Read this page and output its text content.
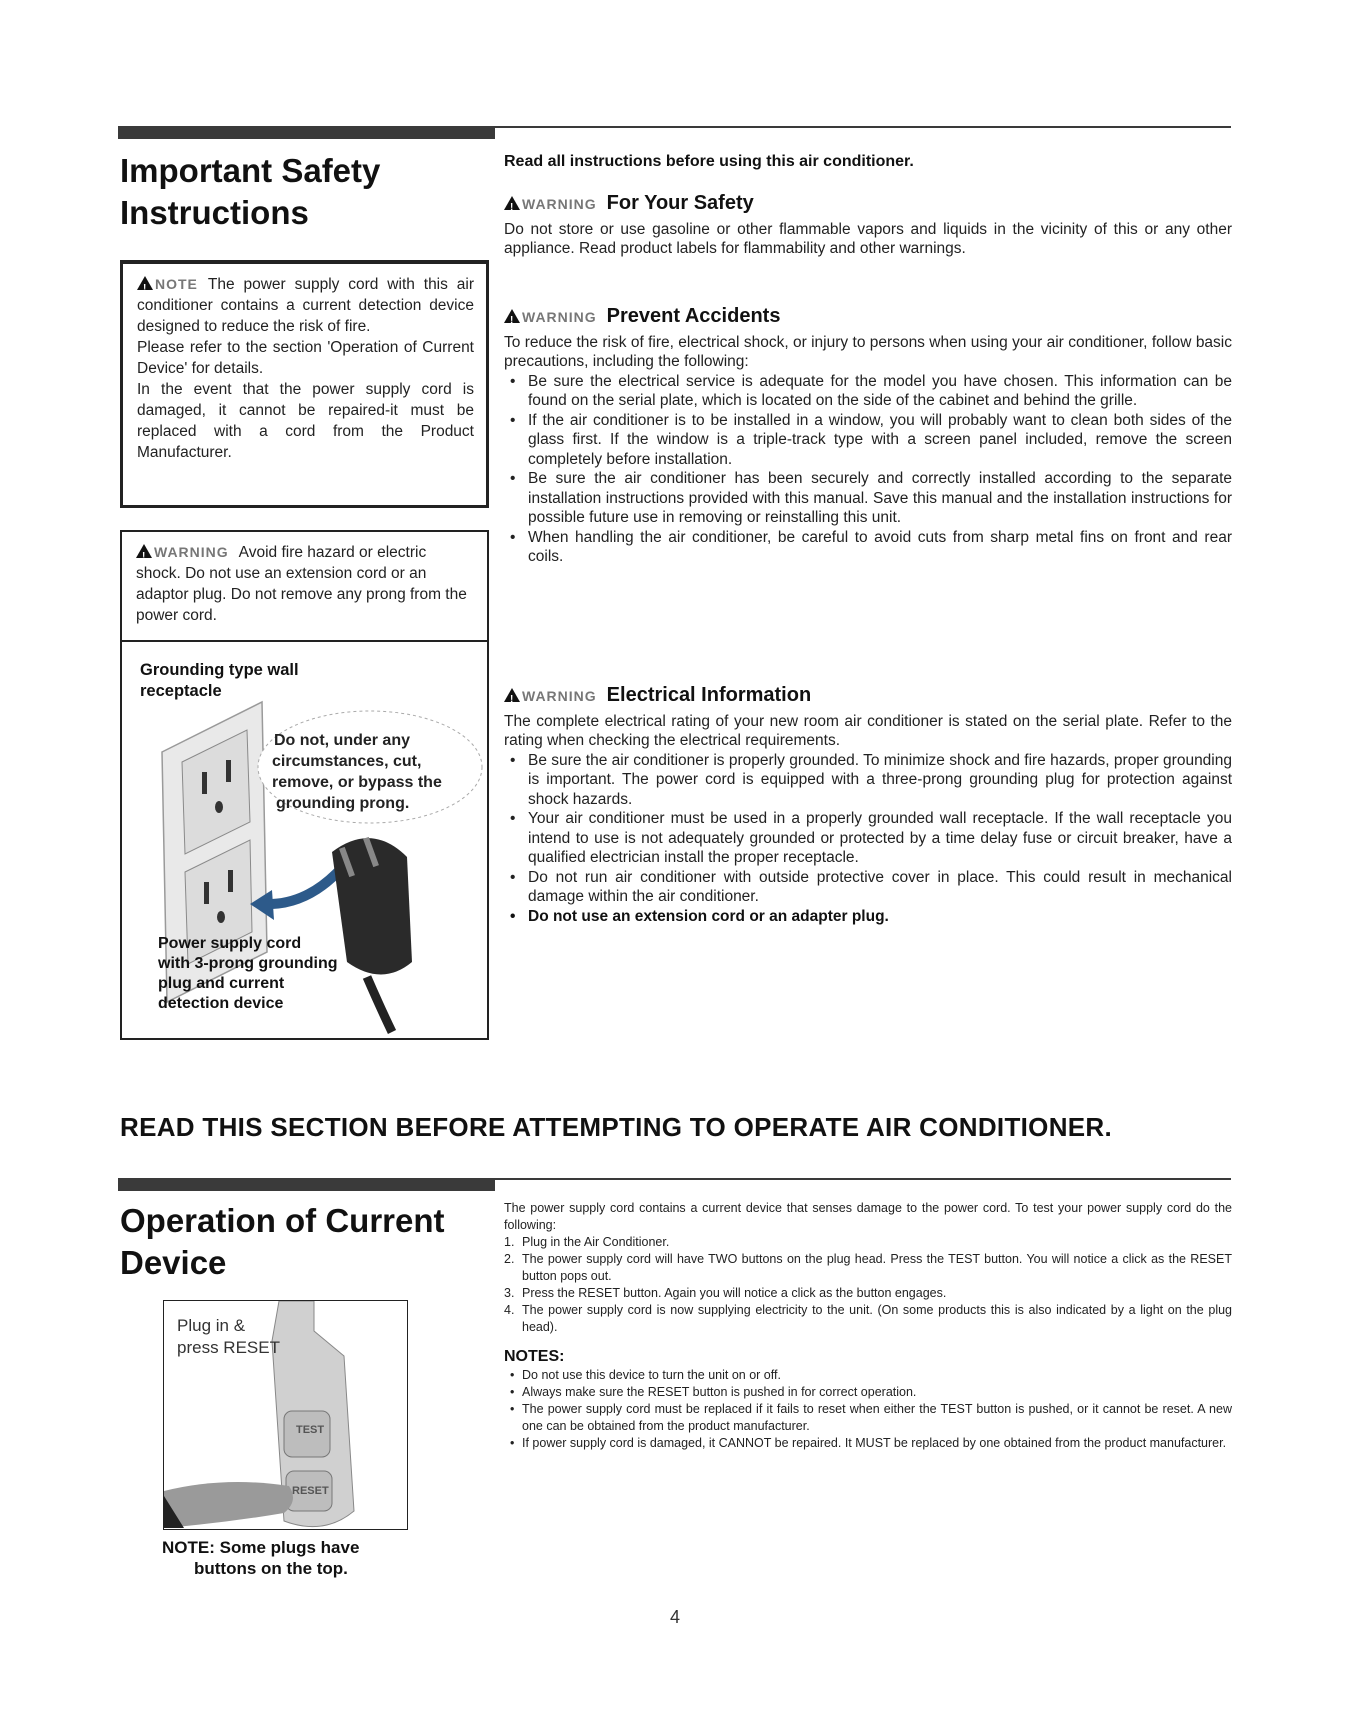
Important Safety
Instructions
!NOTE The power supply cord with this air conditioner contains a current detection device designed to reduce the risk of fire.
Please refer to the section 'Operation of Current Device' for details.
In the event that the power supply cord is damaged, it cannot be repaired-it must be replaced with a cord from the Product Manufacturer.
!WARNING Avoid fire hazard or electric shock. Do not use an extension cord or an adaptor plug. Do not remove any prong from the power cord.
Grounding type wall
receptacle
Do not, under any
circumstances, cut,
remove, or bypass the
grounding prong.
Power supply cord
with 3-prong grounding
plug and current
detection device
Read all instructions before using this air conditioner.
!WARNING For Your Safety
Do not store or use gasoline or other flammable vapors and liquids in the vicinity of this or any other appliance. Read product labels for flammability and other warnings.
!WARNING Prevent Accidents
To reduce the risk of fire, electrical shock, or injury to persons when using your air conditioner, follow basic precautions, including the following:
• Be sure the electrical service is adequate for the model you have chosen. This information can be found on the serial plate, which is located on the side of the cabinet and behind the grille.
• If the air conditioner is to be installed in a window, you will probably want to clean both sides of the glass first. If the window is a triple-track type with a screen panel included, remove the screen completely before installation.
• Be sure the air conditioner has been securely and correctly installed according to the separate installation instructions provided with this manual. Save this manual and the installation instructions for possible future use in removing or reinstalling this unit.
• When handling the air conditioner, be careful to avoid cuts from sharp metal fins on front and rear coils.
!WARNING Electrical Information
The complete electrical rating of your new room air conditioner is stated on the serial plate. Refer to the rating when checking the electrical requirements.
• Be sure the air conditioner is properly grounded. To minimize shock and fire hazards, proper grounding is important. The power cord is equipped with a three-prong grounding plug for protection against shock hazards.
• Your air conditioner must be used in a properly grounded wall receptacle. If the wall receptacle you intend to use is not adequately grounded or protected by a time delay fuse or circuit breaker, have a qualified electrician install the proper receptacle.
• Do not run air conditioner with outside protective cover in place. This could result in mechanical damage within the air conditioner.
• Do not use an extension cord or an adapter plug.
READ THIS SECTION BEFORE ATTEMPTING TO OPERATE AIR CONDITIONER.
Operation of Current
Device
Plug in &
press RESET
TEST
RESET
NOTE: Some plugs have
buttons on the top.
The power supply cord contains a current device that senses damage to the power cord. To test your power supply cord do the following:
1. Plug in the Air Conditioner.
2. The power supply cord will have TWO buttons on the plug head. Press the TEST button. You will notice a click as the RESET button pops out.
3. Press the RESET button. Again you will notice a click as the button engages.
4. The power supply cord is now supplying electricity to the unit. (On some products this is also indicated by a light on the plug head).
NOTES:
• Do not use this device to turn the unit on or off.
• Always make sure the RESET button is pushed in for correct operation.
• The power supply cord must be replaced if it fails to reset when either the TEST button is pushed, or it cannot be reset. A new one can be obtained from the product manufacturer.
• If power supply cord is damaged, it CANNOT be repaired. It MUST be replaced by one obtained from the product manufacturer.
4
